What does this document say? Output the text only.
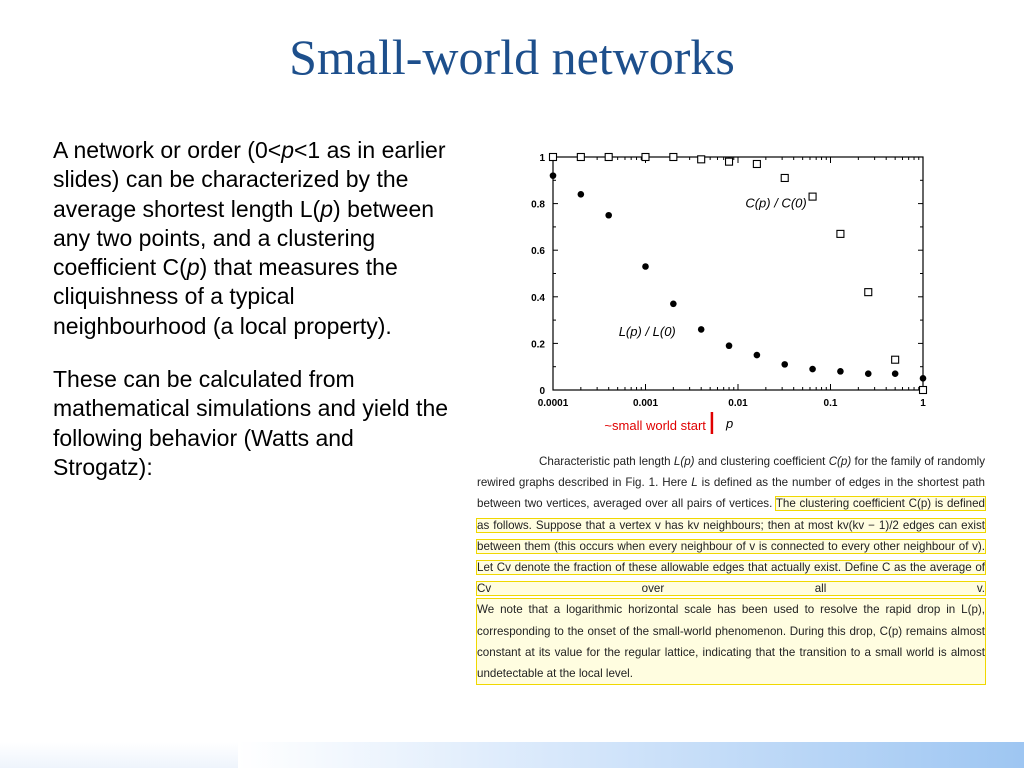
Small-world networks

A network or order (0<p<1 as in earlier slides) can be characterized by the average shortest length L(p) between any two points, and a clustering coefficient C(p) that measures the cliquishness of a typical neighbourhood (a local property).

These can be calculated from mathematical simulations and yield the following behavior (Watts and Strogatz):

0
0.2
0.4
0.6
0.8
1
0.0001	0.001	0.01	0.1	1
C(p) / C(0)
L(p) / L(0)
p
~small world start
Characteristic path length L(p) and clustering coefficient C(p) for the family of randomly rewired graphs described in Fig. 1. Here L is defined as the number of edges in the shortest path between two vertices, averaged over all pairs of vertices. The clustering coefficient C(p) is defined as follows. Suppose that a vertex v has kv neighbours; then at most kv(kv − 1)/2 edges can exist between them (this occurs when every neighbour of v is connected to every other neighbour of v). Let Cv denote the fraction of these allowable edges that actually exist. Define C as the average of Cv over all v. We note that a logarithmic horizontal scale has been used to resolve the rapid drop in L(p), corresponding to the onset of the small-world phenomenon. During this drop, C(p) remains almost constant at its value for the regular lattice, indicating that the transition to a small world is almost undetectable at the local level.
